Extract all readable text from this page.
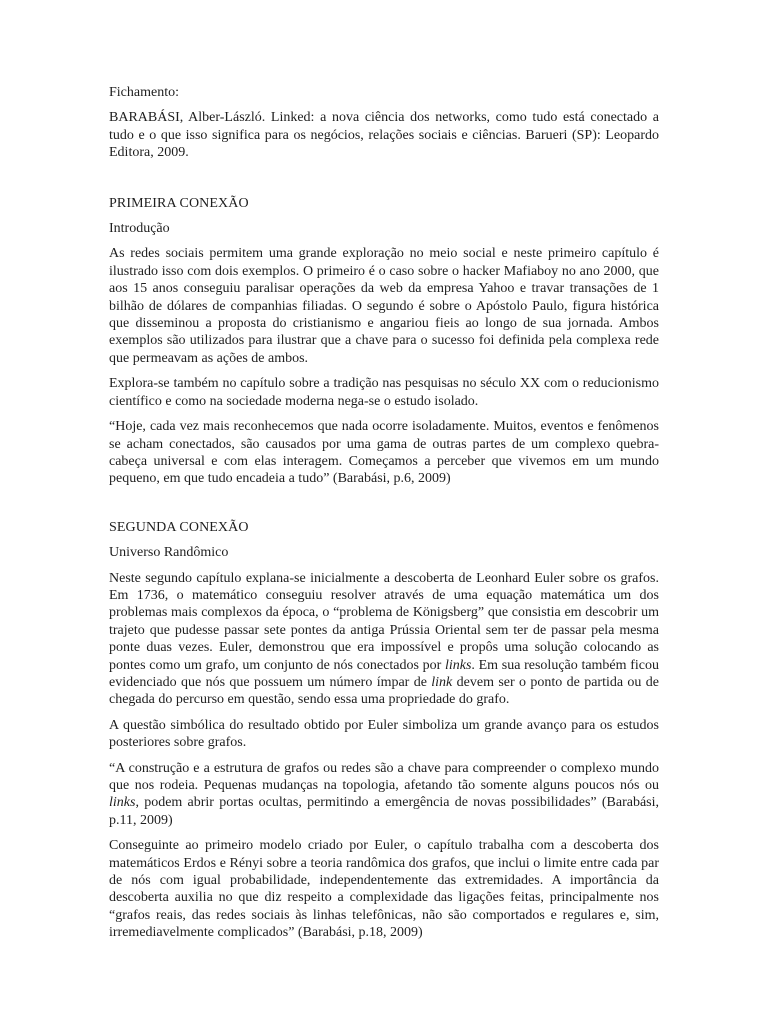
Fichamento:

BARABÁSI, Alber-László. Linked: a nova ciência dos networks, como tudo está conectado a tudo e o que isso significa para os negócios, relações sociais e ciências. Barueri (SP): Leopardo Editora, 2009.

PRIMEIRA CONEXÃO

Introdução

As redes sociais permitem uma grande exploração no meio social e neste primeiro capítulo é ilustrado isso com dois exemplos. O primeiro é o caso sobre o hacker Mafiaboy no ano 2000, que aos 15 anos conseguiu paralisar operações da web da empresa Yahoo e travar transações de 1 bilhão de dólares de companhias filiadas. O segundo é sobre o Apóstolo Paulo, figura histórica que disseminou a proposta do cristianismo e angariou fieis ao longo de sua jornada. Ambos exemplos são utilizados para ilustrar que a chave para o sucesso foi definida pela complexa rede que permeavam as ações de ambos.

Explora-se também no capítulo sobre a tradição nas pesquisas no século XX com o reducionismo científico e como na sociedade moderna nega-se o estudo isolado.

“Hoje, cada vez mais reconhecemos que nada ocorre isoladamente. Muitos, eventos e fenômenos se acham conectados, são causados por uma gama de outras partes de um complexo quebra-cabeça universal e com elas interagem. Começamos a perceber que vivemos em um mundo pequeno, em que tudo encadeia a tudo” (Barabási, p.6, 2009)

SEGUNDA CONEXÃO

Universo Randômico

Neste segundo capítulo explana-se inicialmente a descoberta de Leonhard Euler sobre os grafos. Em 1736, o matemático conseguiu resolver através de uma equação matemática um dos problemas mais complexos da época, o “problema de Königsberg” que consistia em descobrir um trajeto que pudesse passar sete pontes da antiga Prússia Oriental sem ter de passar pela mesma ponte duas vezes. Euler, demonstrou que era impossível e propôs uma solução colocando as pontes como um grafo, um conjunto de nós conectados por links. Em sua resolução também ficou evidenciado que nós que possuem um número ímpar de link devem ser o ponto de partida ou de chegada do percurso em questão, sendo essa uma propriedade do grafo.

A questão simbólica do resultado obtido por Euler simboliza um grande avanço para os estudos posteriores sobre grafos.

“A construção e a estrutura de grafos ou redes são a chave para compreender o complexo mundo que nos rodeia. Pequenas mudanças na topologia, afetando tão somente alguns poucos nós ou links, podem abrir portas ocultas, permitindo a emergência de novas possibilidades” (Barabási, p.11, 2009)

Conseguinte ao primeiro modelo criado por Euler, o capítulo trabalha com a descoberta dos matemáticos Erdos e Rényi sobre a teoria randômica dos grafos, que inclui o limite entre cada par de nós com igual probabilidade, independentemente das extremidades. A importância da descoberta auxilia no que diz respeito a complexidade das ligações feitas, principalmente nos “grafos reais, das redes sociais às linhas telefônicas, não são comportados e regulares e, sim, irremediavelmente complicados” (Barabási, p.18, 2009)
